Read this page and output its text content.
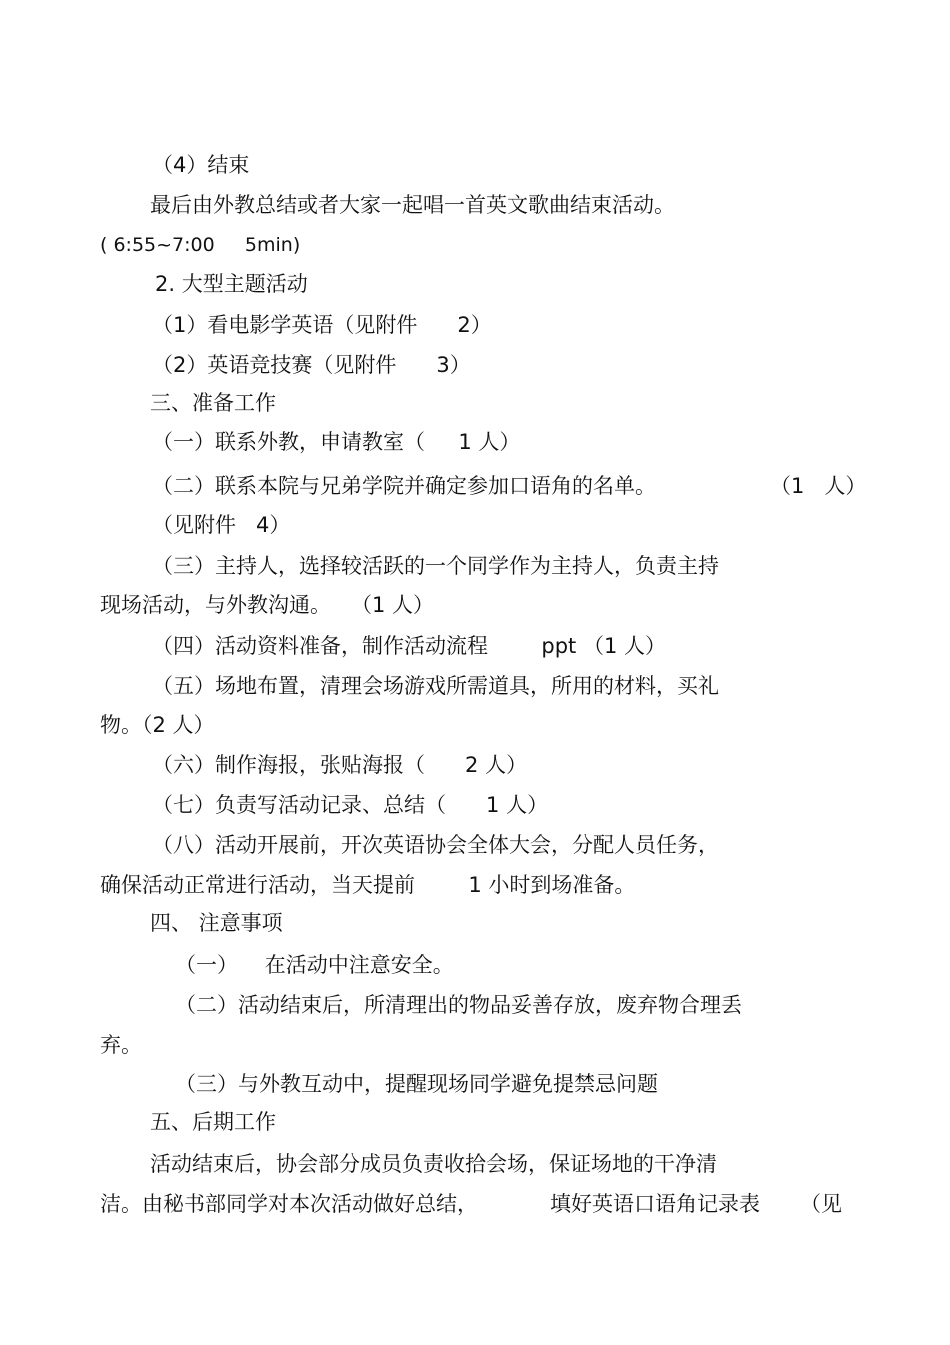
（4）结束

最后由外教总结或者大家一起唱一首英文歌曲结束活动。

( 6:55~7:00     5min)

2. 大型主题活动

（1）看电影学英语（见附件      2）

（2）英语竞技赛（见附件      3）

三、准备工作

（一）联系外教，申请教室（     1 人）

（二）联系本院与兄弟学院并确定参加口语角的名单。	（1   人）

（见附件   4）

（三）主持人，选择较活跃的一个同学作为主持人，负责主持

现场活动，与外教沟通。   （1 人）

（四）活动资料准备，制作活动流程        ppt （1 人）

（五）场地布置，清理会场游戏所需道具，所用的材料，买礼

物。（2 人）

（六）制作海报，张贴海报（      2 人）

（七）负责写活动记录、总结（      1 人）

（八）活动开展前，开次英语协会全体大会，分配人员任务，

确保活动正常进行活动，当天提前        1 小时到场准备。

四、 注意事项

（一）    在活动中注意安全。

（二）活动结束后，所清理出的物品妥善存放，废弃物合理丢

弃。

（三）与外教互动中，提醒现场同学避免提禁忌问题

五、后期工作

活动结束后，协会部分成员负责收拾会场，保证场地的干净清

洁。由秘书部同学对本次活动做好总结，	填好英语口语角记录表 （见
